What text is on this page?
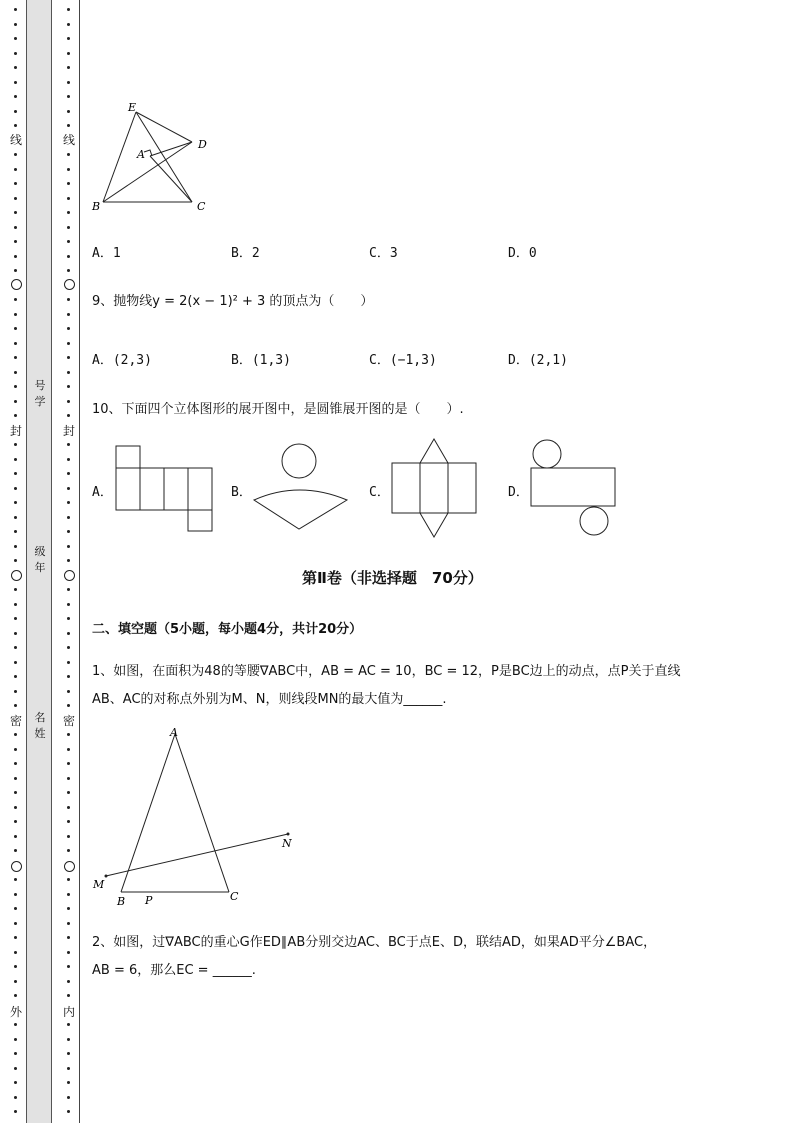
线
封
密
外
线
封
密
内
号学
级年
名姓
E
A
D
B	C
A．1	B．2	C．3	D．0
9、抛物线y = 2(x − 1)² + 3 的顶点为（　　）
A．(2,3)	B．(1,3)	C．(−1,3)	D．(2,1)
10、下面四个立体图形的展开图中，是圆锥展开图的是（　　）.
A．	B．	C．	D．
第Ⅱ卷（非选择题　70分）
二、填空题（5小题，每小题4分，共计20分）
1、如图，在面积为48的等腰∇ABC中，AB = AC = 10，BC = 12，P是BC边上的动点，点P关于直线
AB、AC的对称点外别为M、N，则线段MN的最大值为______.
A
N
M
B P	C
2、如图，过∇ABC的重心G作ED∥AB分别交边AC、BC于点E、D，联结AD，如果AD平分∠BAC，
AB = 6，那么EC = ______.
